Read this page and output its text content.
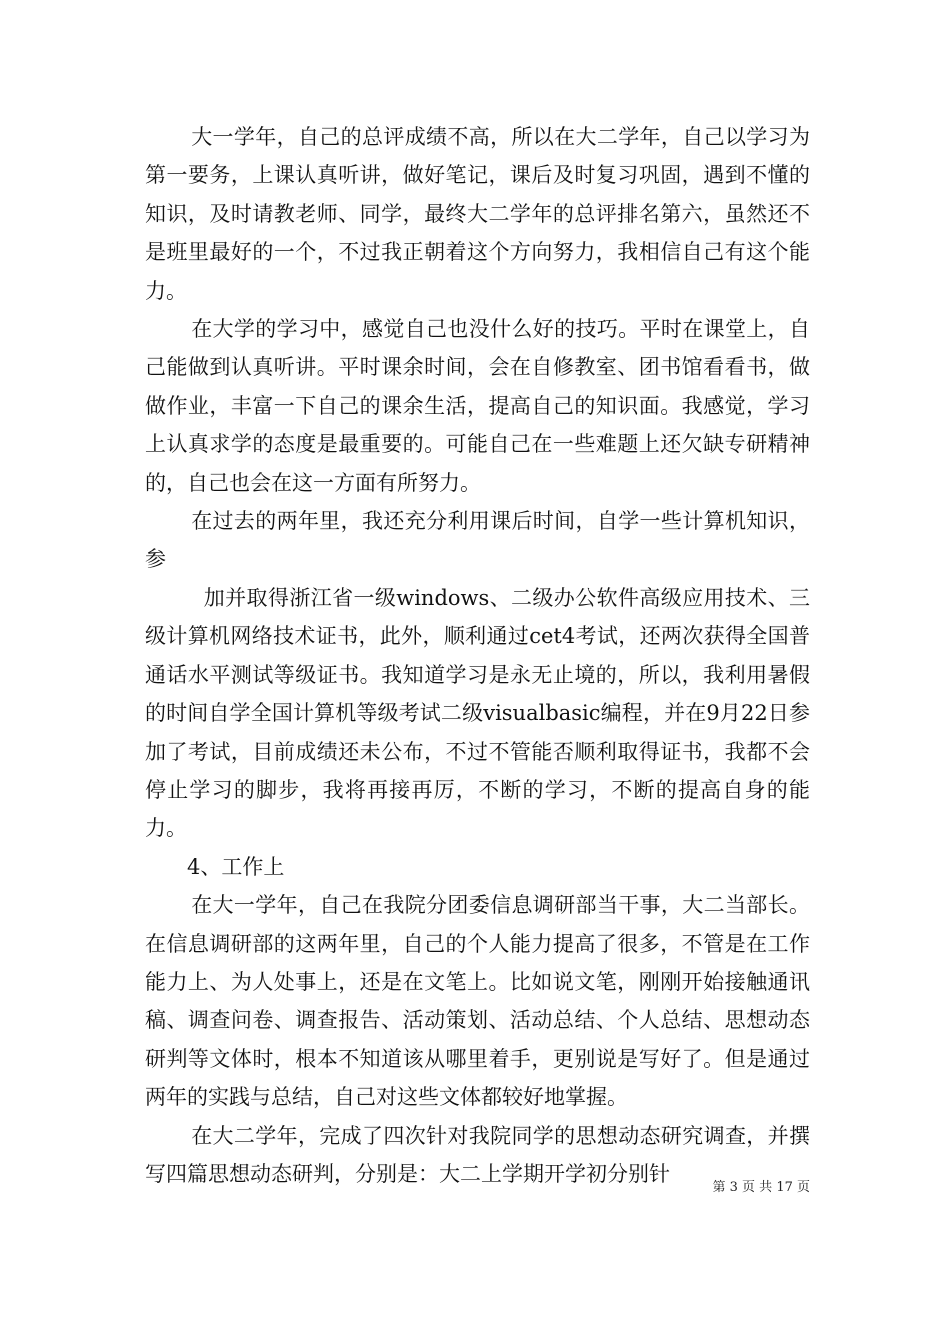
大一学年，自己的总评成绩不高，所以在大二学年，自己以学习为第一要务，上课认真听讲，做好笔记，课后及时复习巩固，遇到不懂的知识，及时请教老师、同学，最终大二学年的总评排名第六，虽然还不是班里最好的一个，不过我正朝着这个方向努力，我相信自己有这个能力。

在大学的学习中，感觉自己也没什么好的技巧。平时在课堂上，自己能做到认真听讲。平时课余时间，会在自修教室、团书馆看看书，做做作业，丰富一下自己的课余生活，提高自己的知识面。我感觉，学习上认真求学的态度是最重要的。可能自己在一些难题上还欠缺专研精神的，自己也会在这一方面有所努力。

在过去的两年里，我还充分利用课后时间，自学一些计算机知识，参

加并取得浙江省一级windows、二级办公软件高级应用技术、三级计算机网络技术证书，此外，顺利通过cet4考试，还两次获得全国普通话水平测试等级证书。我知道学习是永无止境的，所以，我利用暑假的时间自学全国计算机等级考试二级visualbasic编程，并在9月22日参加了考试，目前成绩还未公布，不过不管能否顺利取得证书，我都不会停止学习的脚步，我将再接再厉，不断的学习，不断的提高自身的能力。

4、工作上

在大一学年，自己在我院分团委信息调研部当干事，大二当部长。在信息调研部的这两年里，自己的个人能力提高了很多，不管是在工作能力上、为人处事上，还是在文笔上。比如说文笔，刚刚开始接触通讯稿、调查问卷、调查报告、活动策划、活动总结、个人总结、思想动态研判等文体时，根本不知道该从哪里着手，更别说是写好了。但是通过两年的实践与总结，自己对这些文体都较好地掌握。

在大二学年，完成了四次针对我院同学的思想动态研究调查，并撰写四篇思想动态研判，分别是：大二上学期开学初分别针

第 3 页 共 17 页
